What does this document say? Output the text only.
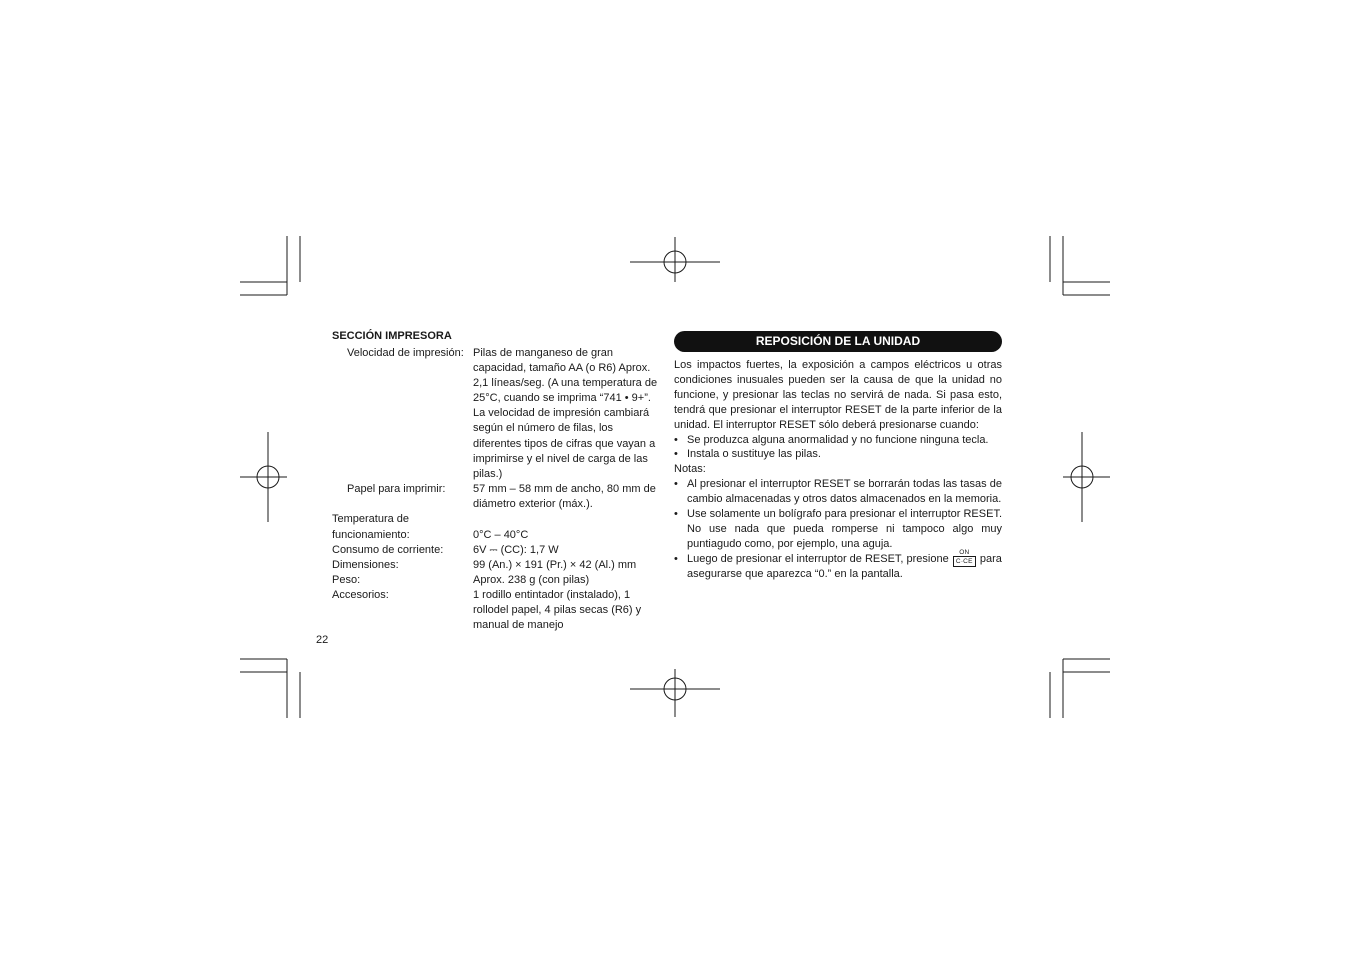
SECCIÓN IMPRESORA
Velocidad de impresión: Pilas de manganeso de gran capacidad, tamaño AA (o R6) Aprox. 2,1 líneas/seg. (A una temperatura de 25°C, cuando se imprima “741 • 9+”. La velocidad de impresión cambiará según el número de filas, los diferentes tipos de cifras que vayan a imprimirse y el nivel de carga de las pilas.)
Papel para imprimir:	57 mm – 58 mm de ancho, 80 mm de diámetro exterior (máx.).
Temperatura de
funcionamiento:	0°C – 40°C
Consumo de corriente:	6V ⎓ (CC): 1,7 W
Dimensiones:	99 (An.) × 191 (Pr.) × 42 (Al.) mm
Peso:	Aprox. 238 g (con pilas)
Accesorios:	1 rodillo entintador (instalado), 1 rollodel papel, 4 pilas secas (R6) y manual de manejo
22
REPOSICIÓN DE LA UNIDAD
Los impactos fuertes, la exposición a campos eléctricos u otras condiciones inusuales pueden ser la causa de que la unidad no funcione, y presionar las teclas no servirá de nada. Si pasa esto, tendrá que presionar el interruptor RESET de la parte inferior de la unidad. El interruptor RESET sólo deberá presionarse cuando:
• Se produzca alguna anormalidad y no funcione ninguna tecla.
• Instala o sustituye las pilas.
Notas:
• Al presionar el interruptor RESET se borrarán todas las tasas de cambio almacenadas y otros datos almacenados en la memoria.
• Use solamente un bolígrafo para presionar el interruptor RESET. No use nada que pueda romperse ni tampoco algo muy puntiagudo como, por ejemplo, una aguja.
• Luego de presionar el interruptor de RESET, presione
ON
C·CE para asegurarse que aparezca “0.” en la pantalla.
